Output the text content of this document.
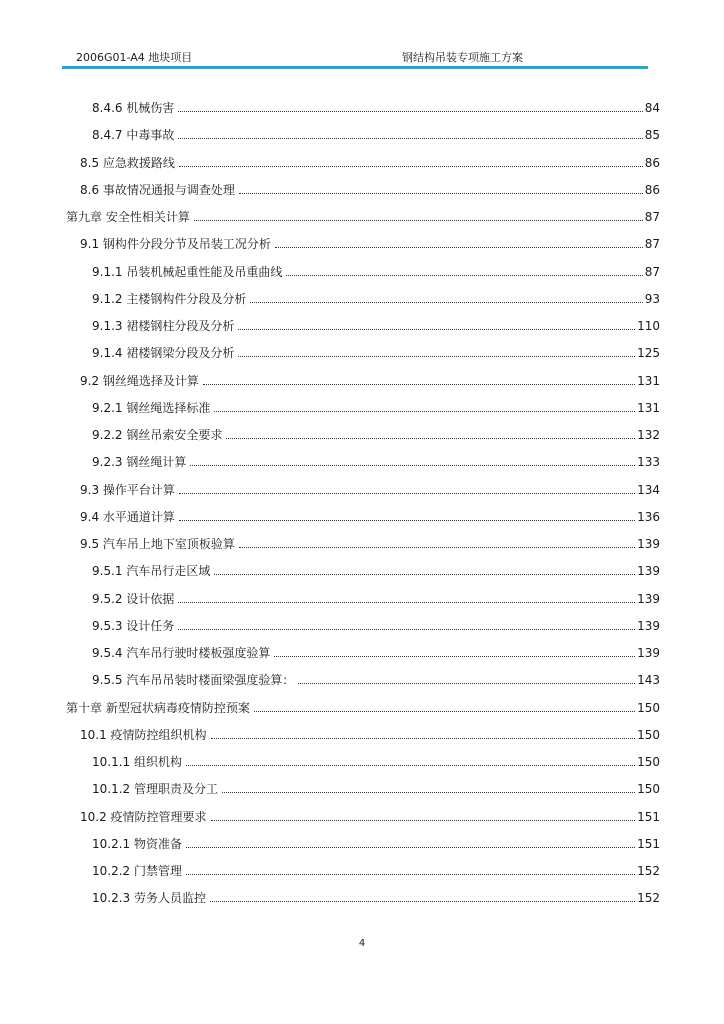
2006G01-A4 地块项目	钢结构吊装专项施工方案
8.4.6 机械伤害	84
8.4.7 中毒事故	85
8.5 应急救援路线	86
8.6 事故情况通报与调查处理	86
第九章 安全性相关计算	87
9.1 钢构件分段分节及吊装工况分析	87
9.1.1 吊装机械起重性能及吊重曲线	87
9.1.2 主楼钢构件分段及分析	93
9.1.3 裙楼钢柱分段及分析	110
9.1.4 裙楼钢梁分段及分析	125
9.2 钢丝绳选择及计算	131
9.2.1 钢丝绳选择标准	131
9.2.2 钢丝吊索安全要求	132
9.2.3 钢丝绳计算	133
9.3 操作平台计算	134
9.4 水平通道计算	136
9.5 汽车吊上地下室顶板验算	139
9.5.1 汽车吊行走区域	139
9.5.2 设计依据	139
9.5.3 设计任务	139
9.5.4 汽车吊行驶时楼板强度验算	139
9.5.5 汽车吊吊装时楼面梁强度验算：	143
第十章 新型冠状病毒疫情防控预案	150
10.1 疫情防控组织机构	150
10.1.1 组织机构	150
10.1.2 管理职责及分工	150
10.2 疫情防控管理要求	151
10.2.1 物资准备	151
10.2.2 门禁管理	152
10.2.3 劳务人员监控	152
4
